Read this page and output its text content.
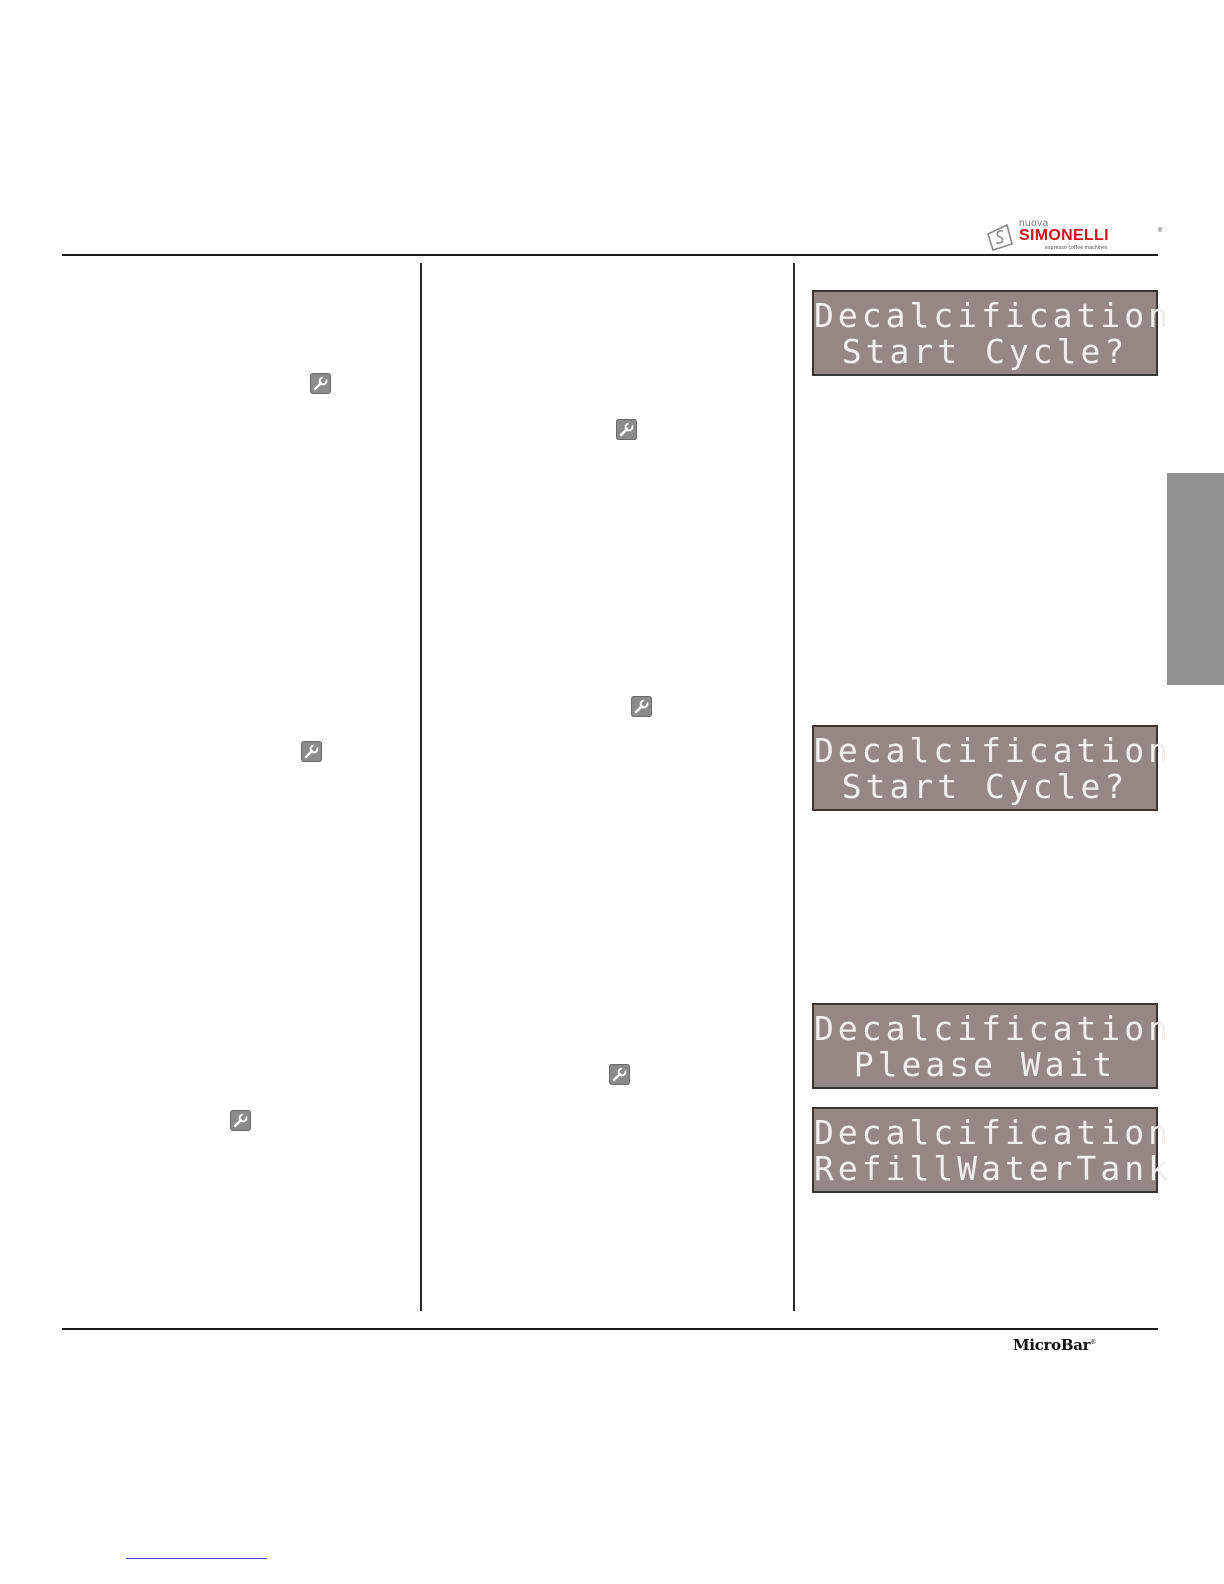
nuova
SIMONELLI	®
espresso coffee machines
Decalcification
Start Cycle?
Decalcification
Start Cycle?
Decalcification
Please Wait
Decalcification
RefillWaterTank
MicroBar®
